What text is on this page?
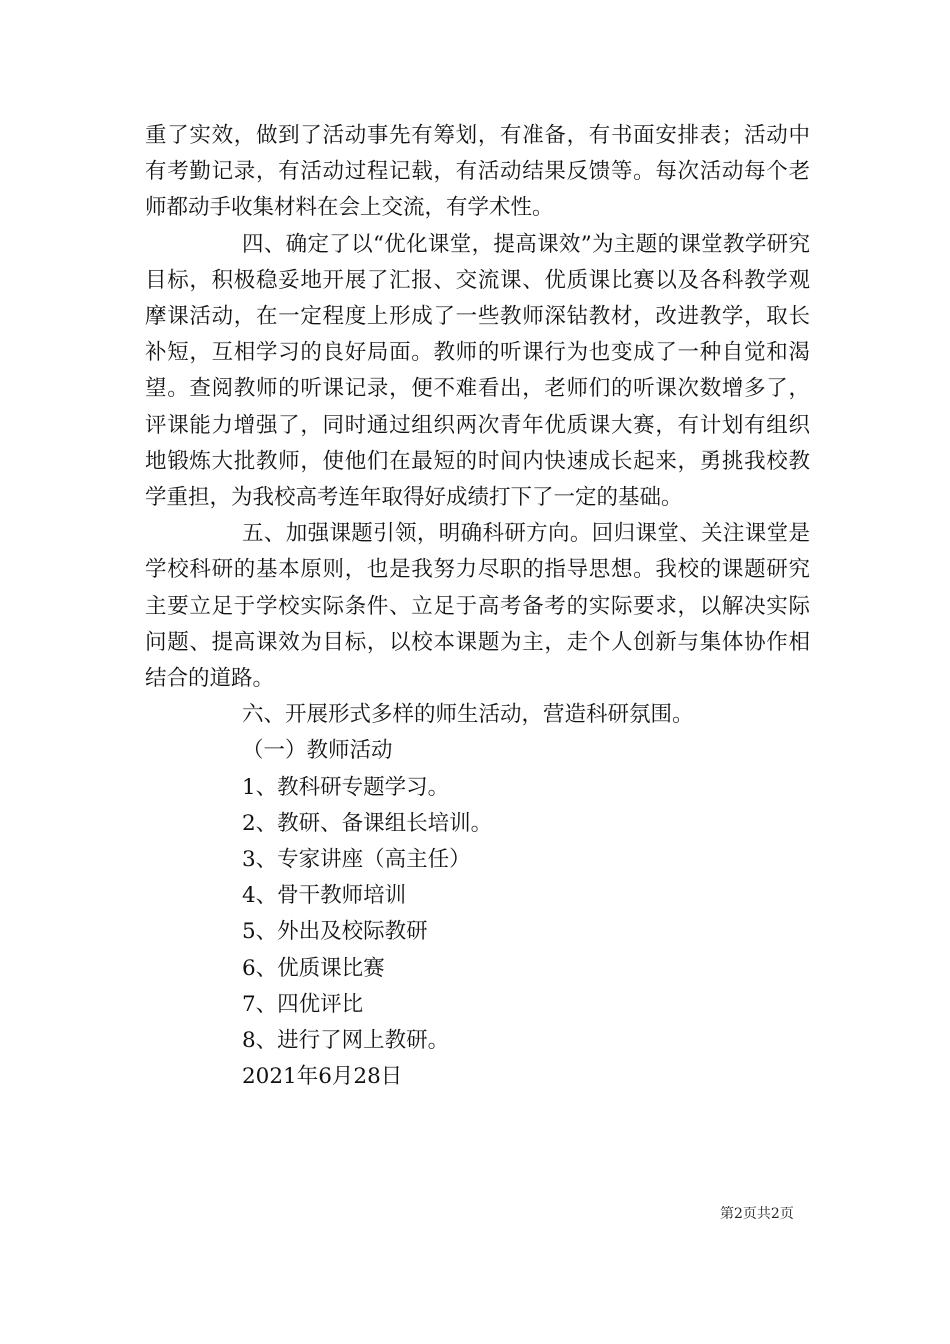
重了实效，做到了活动事先有筹划，有准备，有书面安排表；活动中有考勤记录，有活动过程记载，有活动结果反馈等。每次活动每个老师都动手收集材料在会上交流，有学术性。

四、确定了以“优化课堂，提高课效”为主题的课堂教学研究目标，积极稳妥地开展了汇报、交流课、优质课比赛以及各科教学观摩课活动，在一定程度上形成了一些教师深钻教材，改进教学，取长补短，互相学习的良好局面。教师的听课行为也变成了一种自觉和渴望。查阅教师的听课记录，便不难看出，老师们的听课次数增多了，评课能力增强了，同时通过组织两次青年优质课大赛，有计划有组织地锻炼大批教师，使他们在最短的时间内快速成长起来，勇挑我校教学重担，为我校高考连年取得好成绩打下了一定的基础。

五、加强课题引领，明确科研方向。回归课堂、关注课堂是学校科研的基本原则，也是我努力尽职的指导思想。我校的课题研究主要立足于学校实际条件、立足于高考备考的实际要求，以解决实际问题、提高课效为目标，以校本课题为主，走个人创新与集体协作相结合的道路。

六、开展形式多样的师生活动，营造科研氛围。

（一）教师活动

1、教科研专题学习。

2、教研、备课组长培训。

3、专家讲座（高主任）

4、骨干教师培训

5、外出及校际教研

6、优质课比赛

7、四优评比

8、进行了网上教研。

2021年6月28日

第2页共2页
